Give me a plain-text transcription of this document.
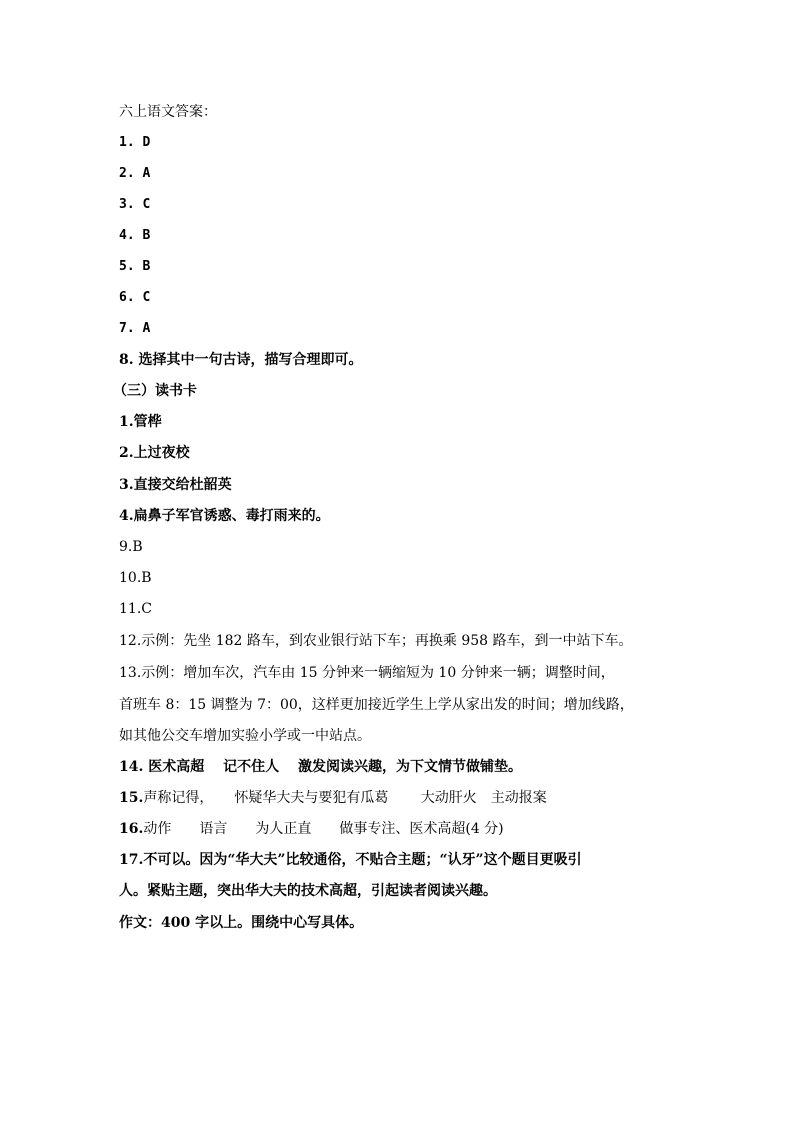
六上语文答案：
1. D
2. A
3. C
4. B
5. B
6. C
7. A
8. 选择其中一句古诗，描写合理即可。
（三）读书卡
1.管桦
2.上过夜校
3.直接交给杜韶英
4.扁鼻子军官诱惑、毒打雨来的。
9.B
10.B
11.C
12.示例：先坐 182 路车，到农业银行站下车；再换乘 958 路车，到一中站下车。
13.示例：增加车次，汽车由 15 分钟来一辆缩短为 10 分钟来一辆；调整时间，
首班车 8：15 调整为 7：00，这样更加接近学生上学从家出发的时间；增加线路，
如其他公交车增加实验小学或一中站点。
14. 医术高超　 记不住人　 激发阅读兴趣，为下文情节做铺垫。
15.声称记得，　　怀疑华大夫与要犯有瓜葛　　 大动肝火　主动报案
16.动作　　语言　　为人正直　　做事专注、医术高超(4 分)
17.不可以。因为“华大夫”比较通俗，不贴合主题；“认牙”这个题目更吸引
人。紧贴主题，突出华大夫的技术高超，引起读者阅读兴趣。
作文：400 字以上。围绕中心写具体。
